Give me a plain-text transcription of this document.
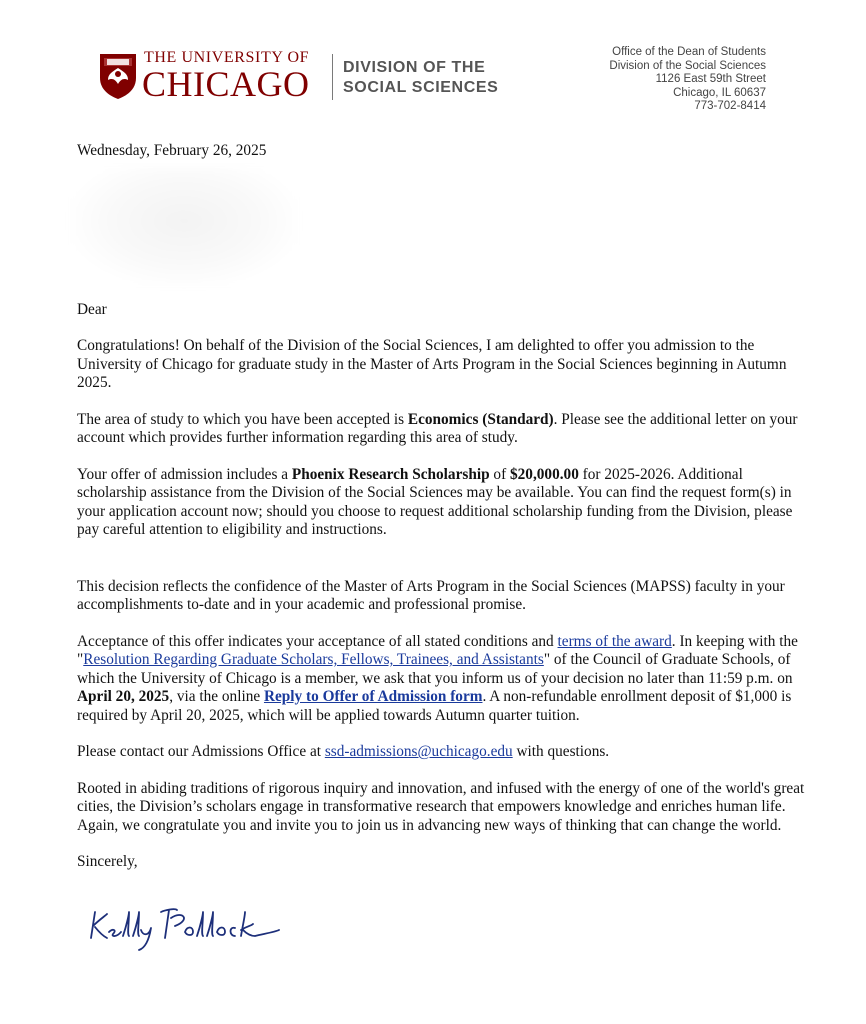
THE UNIVERSITY OF
CHICAGO DIVISION OF THE
SOCIAL SCIENCES
Office of the Dean of Students
Division of the Social Sciences
1126 East 59th Street
Chicago, IL 60637
773-702-8414

Wednesday, February 26, 2025

Dear

Congratulations! On behalf of the Division of the Social Sciences, I am delighted to offer you admission to the University of Chicago for graduate study in the Master of Arts Program in the Social Sciences beginning in Autumn 2025.

The area of study to which you have been accepted is Economics (Standard). Please see the additional letter on your account which provides further information regarding this area of study.

Your offer of admission includes a Phoenix Research Scholarship of $20,000.00 for 2025-2026. Additional scholarship assistance from the Division of the Social Sciences may be available. You can find the request form(s) in your application account now; should you choose to request additional scholarship funding from the Division, please pay careful attention to eligibility and instructions.

This decision reflects the confidence of the Master of Arts Program in the Social Sciences (MAPSS) faculty in your accomplishments to-date and in your academic and professional promise.

Acceptance of this offer indicates your acceptance of all stated conditions and terms of the award. In keeping with the "Resolution Regarding Graduate Scholars, Fellows, Trainees, and Assistants" of the Council of Graduate Schools, of which the University of Chicago is a member, we ask that you inform us of your decision no later than 11:59 p.m. on April 20, 2025, via the online Reply to Offer of Admission form. A non-refundable enrollment deposit of $1,000 is required by April 20, 2025, which will be applied towards Autumn quarter tuition.

Please contact our Admissions Office at ssd-admissions@uchicago.edu with questions.

Rooted in abiding traditions of rigorous inquiry and innovation, and infused with the energy of one of the world's great cities, the Division’s scholars engage in transformative research that empowers knowledge and enriches human life. Again, we congratulate you and invite you to join us in advancing new ways of thinking that can change the world.

Sincerely,
